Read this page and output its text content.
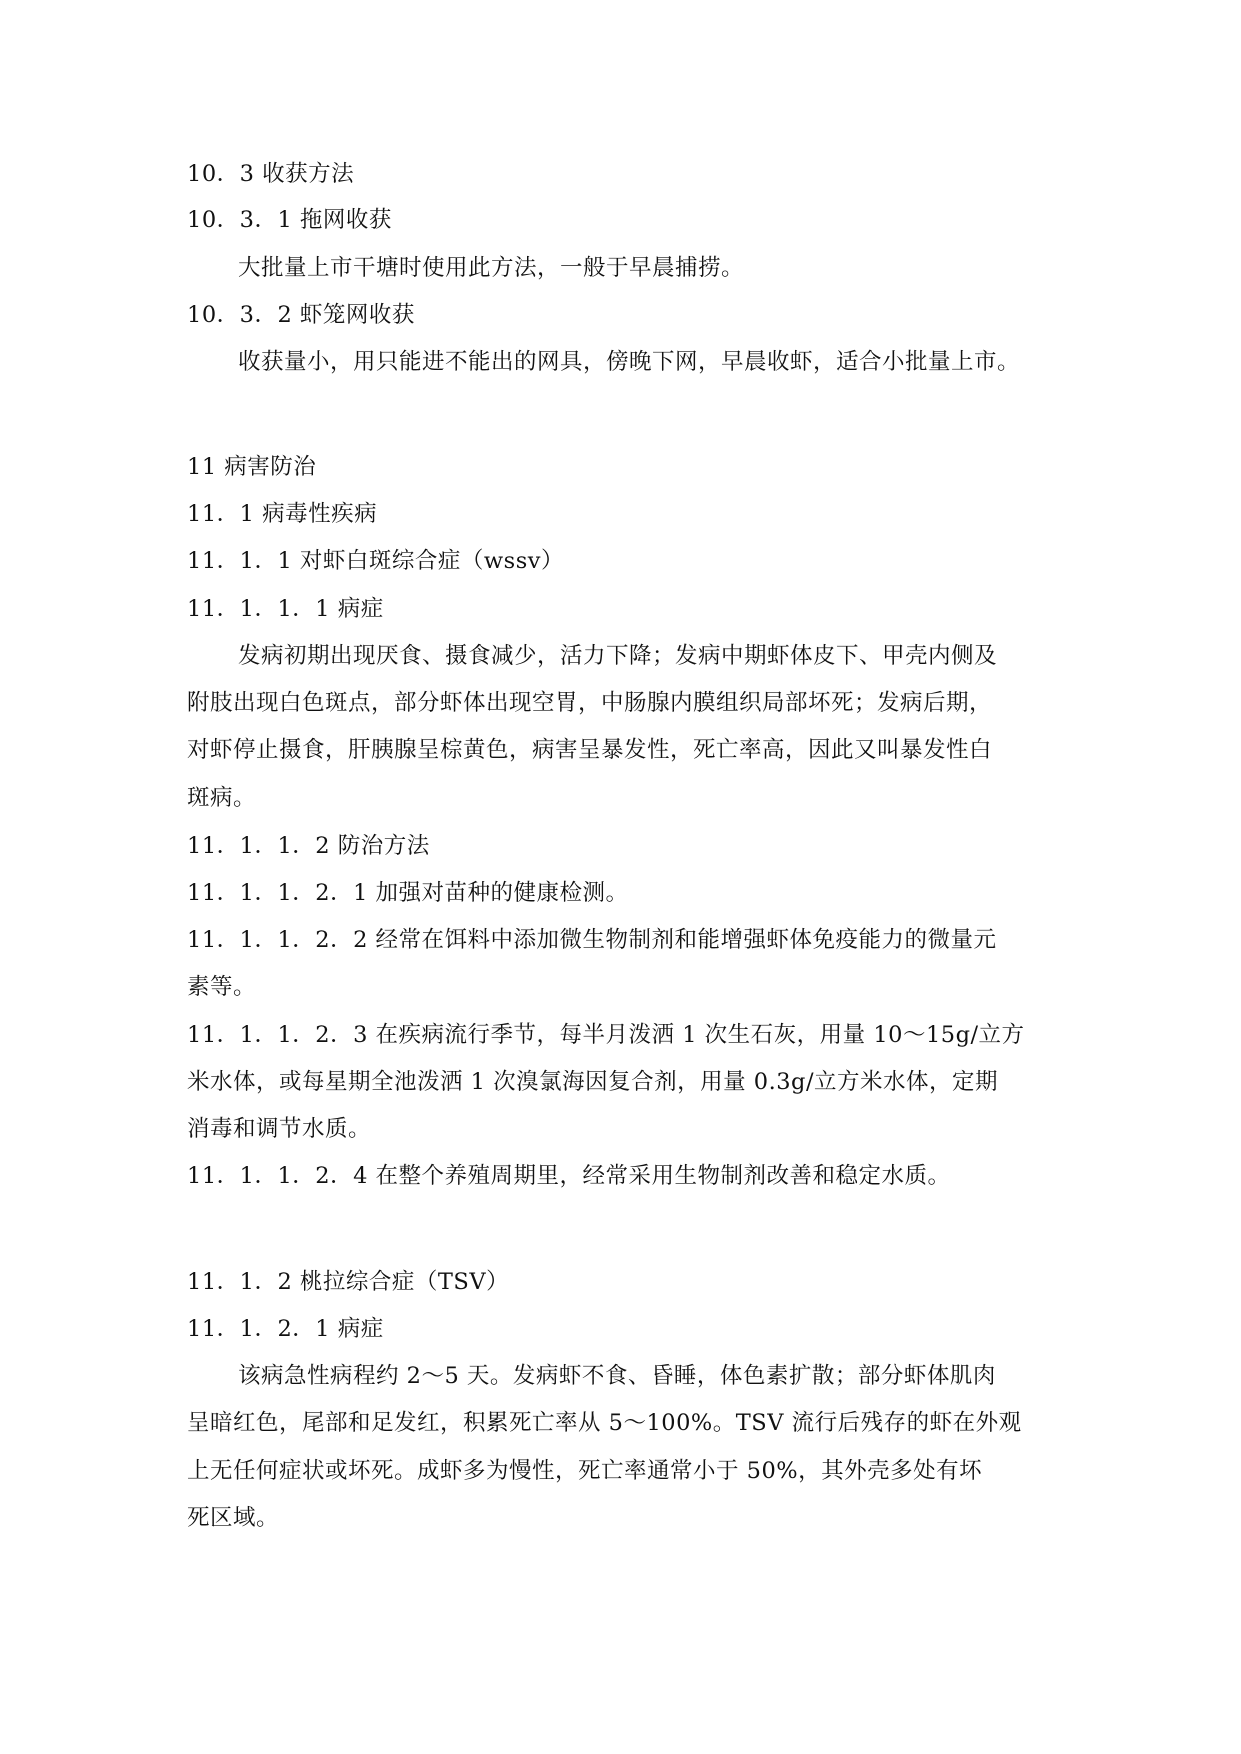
10．3 收获方法
10．3．1 拖网收获
大批量上市干塘时使用此方法，一般于早晨捕捞。
10．3．2 虾笼网收获
收获量小，用只能进不能出的网具，傍晚下网，早晨收虾，适合小批量上市。
11 病害防治
11．1 病毒性疾病
11．1．1 对虾白斑综合症（wssv）
11．1．1．1 病症
发病初期出现厌食、摄食减少，活力下降；发病中期虾体皮下、甲壳内侧及
附肢出现白色斑点，部分虾体出现空胃，中肠腺内膜组织局部坏死；发病后期，
对虾停止摄食，肝胰腺呈棕黄色，病害呈暴发性，死亡率高，因此又叫暴发性白
斑病。
11．1．1．2 防治方法
11．1．1．2．1 加强对苗种的健康检测。
11．1．1．2．2 经常在饵料中添加微生物制剂和能增强虾体免疫能力的微量元
素等。
11．1．1．2．3 在疾病流行季节，每半月泼洒 1 次生石灰，用量 10～15g/立方
米水体，或每星期全池泼洒 1 次溴氯海因复合剂，用量 0.3g/立方米水体，定期
消毒和调节水质。
11．1．1．2．4 在整个养殖周期里，经常采用生物制剂改善和稳定水质。
11．1．2 桃拉综合症（TSV）
11．1．2．1 病症
该病急性病程约 2～5 天。发病虾不食、昏睡，体色素扩散；部分虾体肌肉
呈暗红色，尾部和足发红，积累死亡率从 5～100%。TSV 流行后残存的虾在外观
上无任何症状或坏死。成虾多为慢性，死亡率通常小于 50%，其外壳多处有坏
死区域。
